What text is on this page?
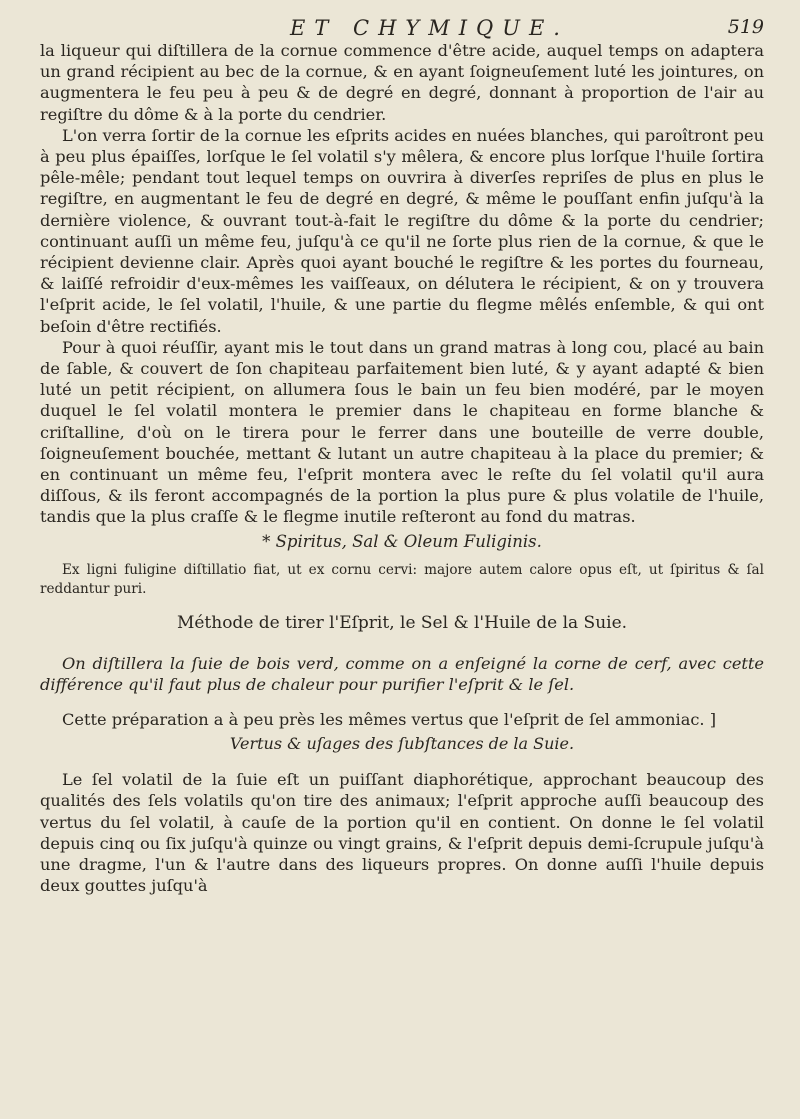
ET CHYMIQUE.	519

la liqueur qui diſtillera de la cornue commence d'être acide, auquel temps on adaptera un grand récipient au bec de la cornue, & en ayant ſoigneuſement luté les jointures, on augmentera le feu peu à peu & de degré en degré, donnant à proportion de l'air au regiſtre du dôme & à la porte du cendrier.

L'on verra ſortir de la cornue les eſprits acides en nuées blanches, qui paroîtront peu à peu plus épaiſſes, lorſque le ſel volatil s'y mêlera, & encore plus lorſque l'huile ſortira pêle-mêle; pendant tout lequel temps on ouvrira à diverſes repriſes de plus en plus le regiſtre, en augmentant le feu de degré en degré, & même le pouſſant enfin juſqu'à la dernière violence, & ouvrant tout-à-fait le regiſtre du dôme & la porte du cendrier; continuant auſſi un même feu, juſqu'à ce qu'il ne ſorte plus rien de la cornue, & que le récipient devienne clair. Après quoi ayant bouché le regiſtre & les portes du fourneau, & laiſſé refroidir d'eux-mêmes les vaiſſeaux, on délutera le récipient, & on y trouvera l'eſprit acide, le ſel volatil, l'huile, & une partie du flegme mêlés enſemble, & qui ont beſoin d'être rectifiés.

Pour à quoi réuſſir, ayant mis le tout dans un grand matras à long cou, placé au bain de ſable, & couvert de ſon chapiteau parfaitement bien luté, & y ayant adapté & bien luté un petit récipient, on allumera ſous le bain un feu bien modéré, par le moyen duquel le ſel volatil montera le premier dans le chapiteau en forme blanche & criſtalline, d'où on le tirera pour le ferrer dans une bouteille de verre double, ſoigneuſement bouchée, mettant & lutant un autre chapiteau à la place du premier; & en continuant un même feu, l'eſprit montera avec le reſte du ſel volatil qu'il aura diſſous, & ils feront accompagnés de la portion la plus pure & plus volatile de l'huile, tandis que la plus craſſe & le flegme inutile reſteront au fond du matras.

* Spiritus, Sal & Oleum Fuliginis.

Ex ligni fuligine diſtillatio fiat, ut ex cornu cervi: majore autem calore opus eſt, ut ſpiritus & ſal reddantur puri.

Méthode de tirer l'Eſprit, le Sel & l'Huile de la Suie.

On diſtillera la ſuie de bois verd, comme on a enſeigné la corne de cerf, avec cette différence qu'il faut plus de chaleur pour purifier l'eſprit & le ſel.

Cette préparation a à peu près les mêmes vertus que l'eſprit de ſel ammoniac. ]

Vertus & uſages des ſubſtances de la Suie.

Le ſel volatil de la ſuie eſt un puiſſant diaphorétique, approchant beaucoup des qualités des ſels volatils qu'on tire des animaux; l'eſprit approche auſſi beaucoup des vertus du ſel volatil, à cauſe de la portion qu'il en contient. On donne le ſel volatil depuis cinq ou ſix juſqu'à quinze ou vingt grains, & l'eſprit depuis demi-ſcrupule juſqu'à une dragme, l'un & l'autre dans des liqueurs propres. On donne auſſi l'huile depuis deux gouttes juſqu'à
